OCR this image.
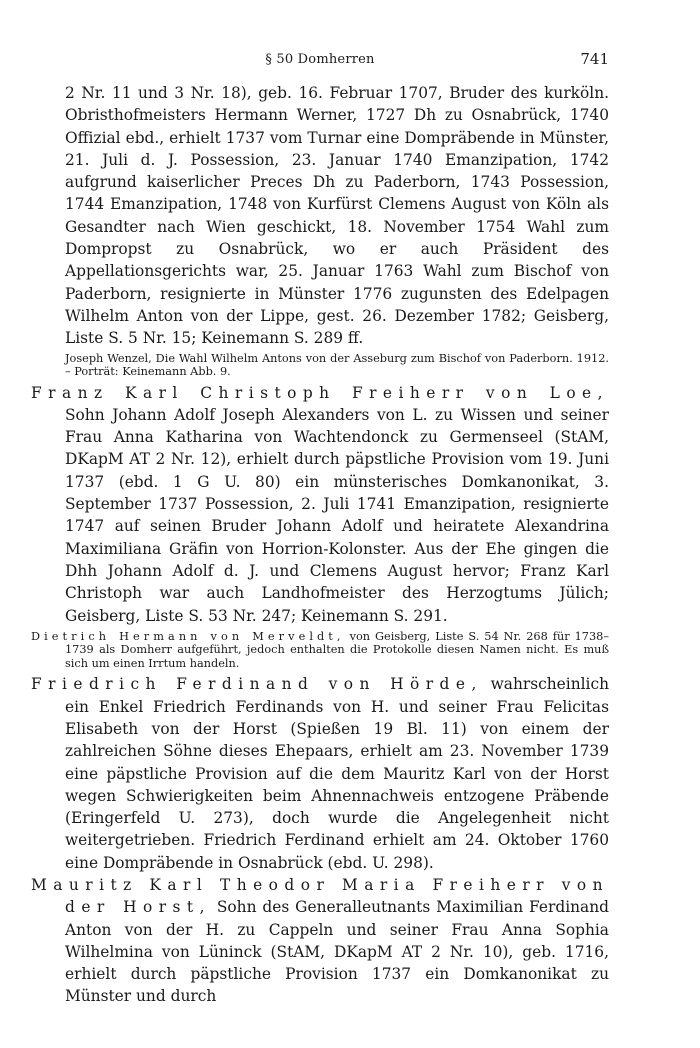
§ 50 Domherren	741

2 Nr. 11 und 3 Nr. 18), geb. 16. Februar 1707, Bruder des kurköln. Obristhofmeisters Hermann Werner, 1727 Dh zu Osnabrück, 1740 Offizial ebd., erhielt 1737 vom Turnar eine Dompräbende in Münster, 21. Juli d. J. Possession, 23. Januar 1740 Emanzipation, 1742 aufgrund kaiserlicher Preces Dh zu Paderborn, 1743 Possession, 1744 Emanzipation, 1748 von Kurfürst Clemens August von Köln als Gesandter nach Wien geschickt, 18. November 1754 Wahl zum Dompropst zu Osnabrück, wo er auch Präsident des Appellationsgerichts war, 25. Januar 1763 Wahl zum Bischof von Paderborn, resignierte in Münster 1776 zugunsten des Edelpagen Wilhelm Anton von der Lippe, gest. 26. Dezember 1782; Geisberg, Liste S. 5 Nr. 15; Keinemann S. 289 ff.

Joseph Wenzel, Die Wahl Wilhelm Antons von der Asseburg zum Bischof von Paderborn. 1912. – Porträt: Keinemann Abb. 9.

Franz Karl Christoph Freiherr von Loe, Sohn Johann Adolf Joseph Alexanders von L. zu Wissen und seiner Frau Anna Katharina von Wachtendonck zu Germenseel (StAM, DKapM AT 2 Nr. 12), erhielt durch päpstliche Provision vom 19. Juni 1737 (ebd. 1 G U. 80) ein münsterisches Domkanonikat, 3. September 1737 Possession, 2. Juli 1741 Emanzipation, resignierte 1747 auf seinen Bruder Johann Adolf und heiratete Alexandrina Maximiliana Gräfin von Horrion-Kolonster. Aus der Ehe gingen die Dhh Johann Adolf d. J. und Clemens August hervor; Franz Karl Christoph war auch Landhofmeister des Herzogtums Jülich; Geisberg, Liste S. 53 Nr. 247; Keinemann S. 291.

Dietrich Hermann von Merveldt, von Geisberg, Liste S. 54 Nr. 268 für 1738–1739 als Domherr aufgeführt, jedoch enthalten die Protokolle diesen Namen nicht. Es muß sich um einen Irrtum handeln.

Friedrich Ferdinand von Hörde, wahrscheinlich ein Enkel Friedrich Ferdinands von H. und seiner Frau Felicitas Elisabeth von der Horst (Spießen 19 Bl. 11) von einem der zahlreichen Söhne dieses Ehepaars, erhielt am 23. November 1739 eine päpstliche Provision auf die dem Mauritz Karl von der Horst wegen Schwierigkeiten beim Ahnennachweis entzogene Präbende (Eringerfeld U. 273), doch wurde die Angelegenheit nicht weitergetrieben. Friedrich Ferdinand erhielt am 24. Oktober 1760 eine Dompräbende in Osnabrück (ebd. U. 298).

Mauritz Karl Theodor Maria Freiherr von der Horst, Sohn des Generalleutnants Maximilian Ferdinand Anton von der H. zu Cappeln und seiner Frau Anna Sophia Wilhelmina von Lüninck (StAM, DKapM AT 2 Nr. 10), geb. 1716, erhielt durch päpstliche Provision 1737 ein Domkanonikat zu Münster und durch
